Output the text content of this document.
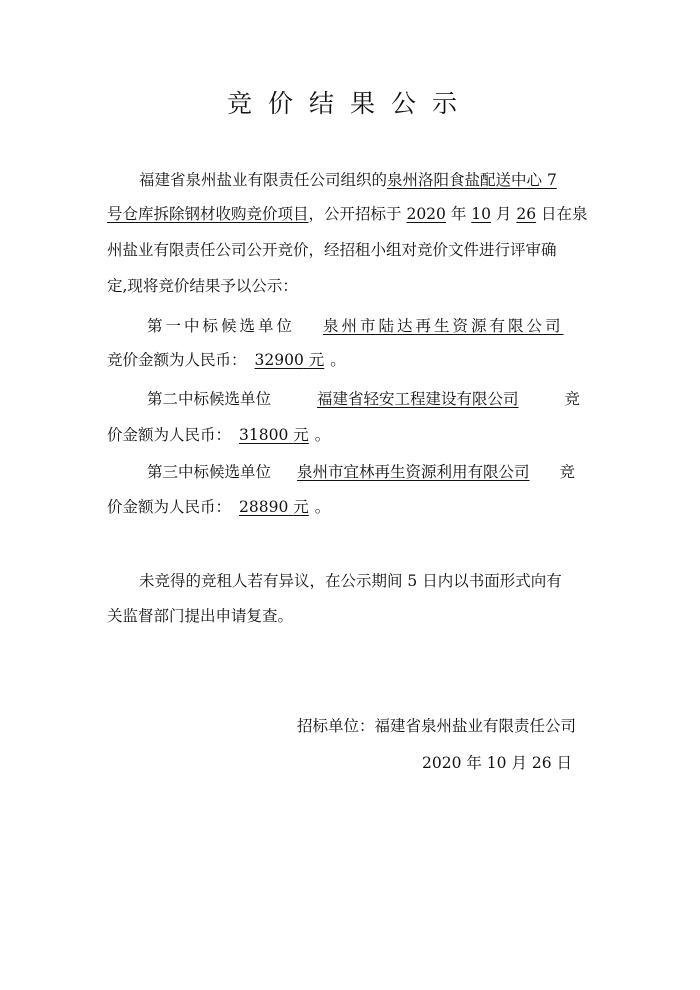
竞价结果公示
福建省泉州盐业有限责任公司组织的泉州洛阳食盐配送中心 7
号仓库拆除钢材收购竞价项目，公开招标于 2020 年 10 月 26 日在泉
州盐业有限责任公司公开竞价，经招租小组对竞价文件进行评审确
定,现将竞价结果予以公示：
第一中标候选单位 泉州市陆达再生资源有限公司
竞价金额为人民币： 32900 元 。
第二中标候选单位	福建省轻安工程建设有限公司	竞
价金额为人民币： 31800 元 。
第三中标候选单位 泉州市宜林再生资源利用有限公司 竞
价金额为人民币： 28890 元 。
未竞得的竞租人若有异议，在公示期间 5 日内以书面形式向有
关监督部门提出申请复查。
招标单位：福建省泉州盐业有限责任公司
2020 年 10 月 26 日
